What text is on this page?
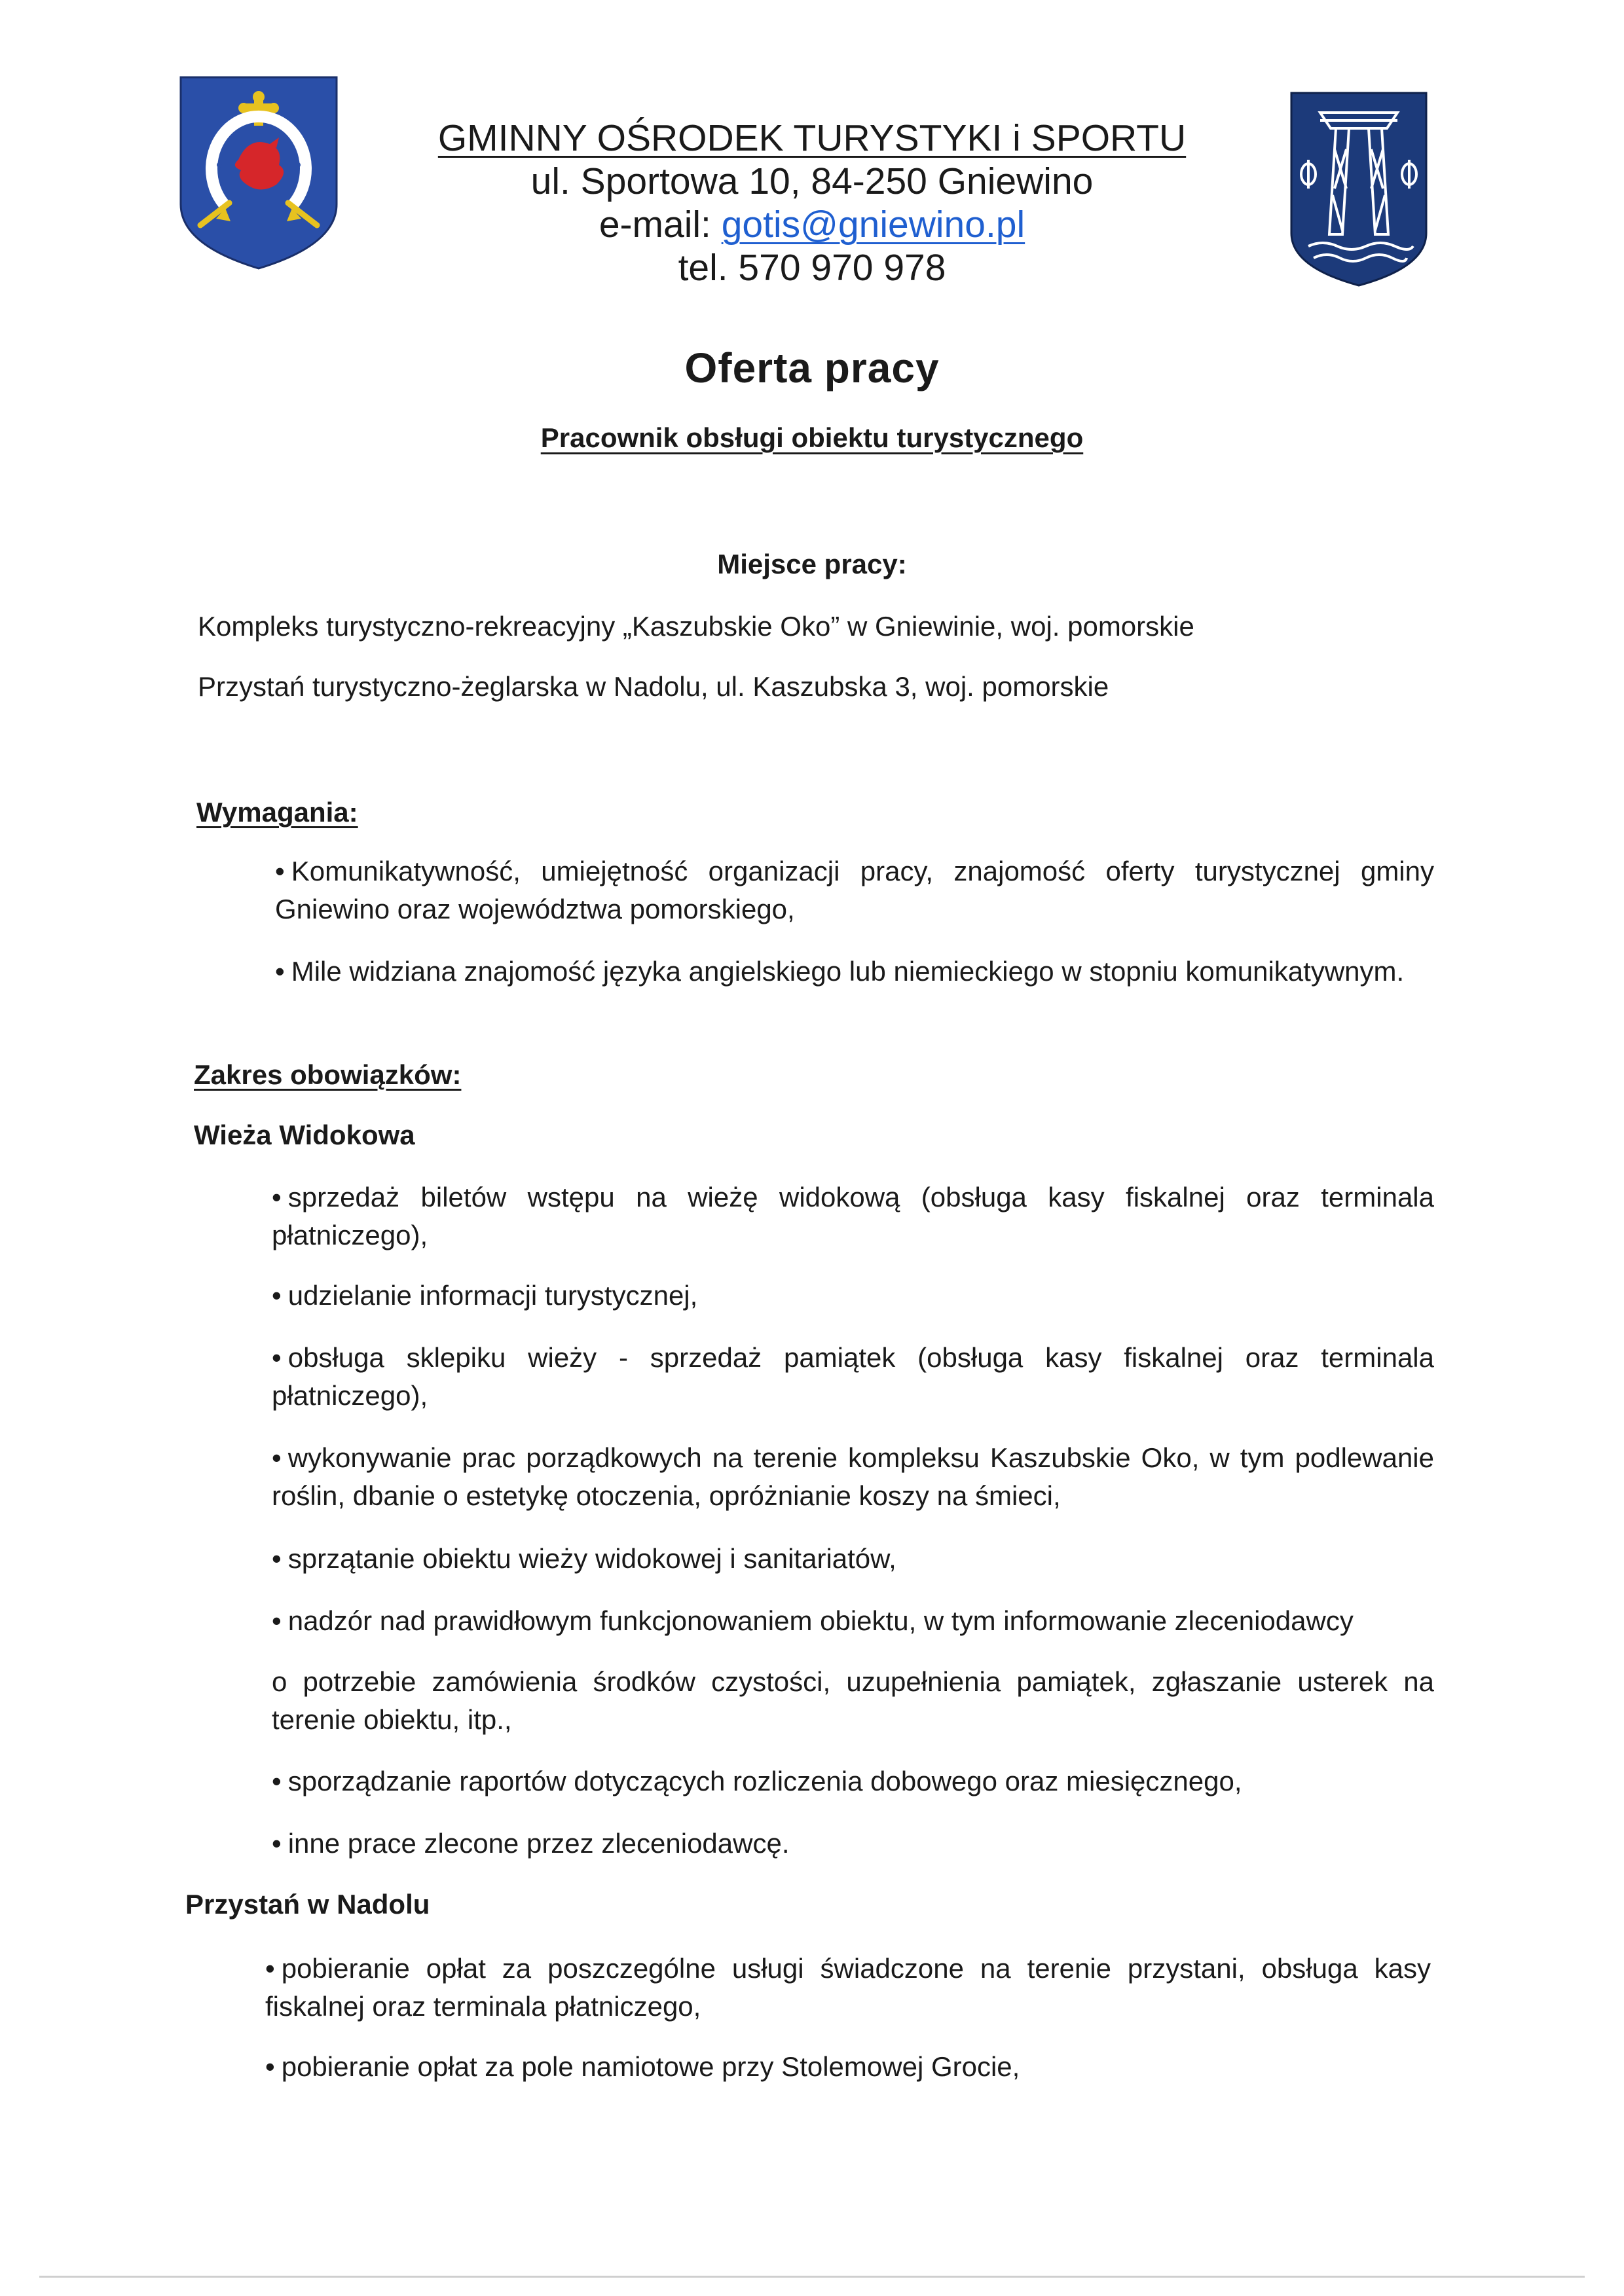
GMINNY OŚRODEK TURYSTYKI i SPORTU
ul. Sportowa 10, 84-250 Gniewino
e-mail: gotis@gniewino.pl
tel. 570 970 978
Oferta pracy
Pracownik obsługi obiektu turystycznego
Miejsce pracy:
Kompleks turystyczno-rekreacyjny „Kaszubskie Oko” w Gniewinie, woj. pomorskie
Przystań turystyczno-żeglarska w Nadolu, ul. Kaszubska 3, woj. pomorskie
Wymagania:
• Komunikatywność, umiejętność organizacji pracy, znajomość oferty turystycznej gminy Gniewino oraz województwa pomorskiego,
• Mile widziana znajomość języka angielskiego lub niemieckiego w stopniu komunikatywnym.
Zakres obowiązków:
Wieża Widokowa
• sprzedaż biletów wstępu na wieżę widokową (obsługa kasy fiskalnej oraz terminala płatniczego),
• udzielanie informacji turystycznej,
• obsługa sklepiku wieży - sprzedaż pamiątek (obsługa kasy fiskalnej oraz terminala płatniczego),
• wykonywanie prac porządkowych na terenie kompleksu Kaszubskie Oko, w tym podlewanie roślin, dbanie o estetykę otoczenia, opróżnianie koszy na śmieci,
• sprzątanie obiektu wieży widokowej i sanitariatów,
• nadzór nad prawidłowym funkcjonowaniem obiektu, w tym informowanie zleceniodawcy
o potrzebie zamówienia środków czystości, uzupełnienia pamiątek, zgłaszanie usterek na terenie obiektu, itp.,
• sporządzanie raportów dotyczących rozliczenia dobowego oraz miesięcznego,
• inne prace zlecone przez zleceniodawcę.
Przystań w Nadolu
• pobieranie opłat za poszczególne usługi świadczone na terenie przystani, obsługa kasy fiskalnej oraz terminala płatniczego,
• pobieranie opłat za pole namiotowe przy Stolemowej Grocie,
